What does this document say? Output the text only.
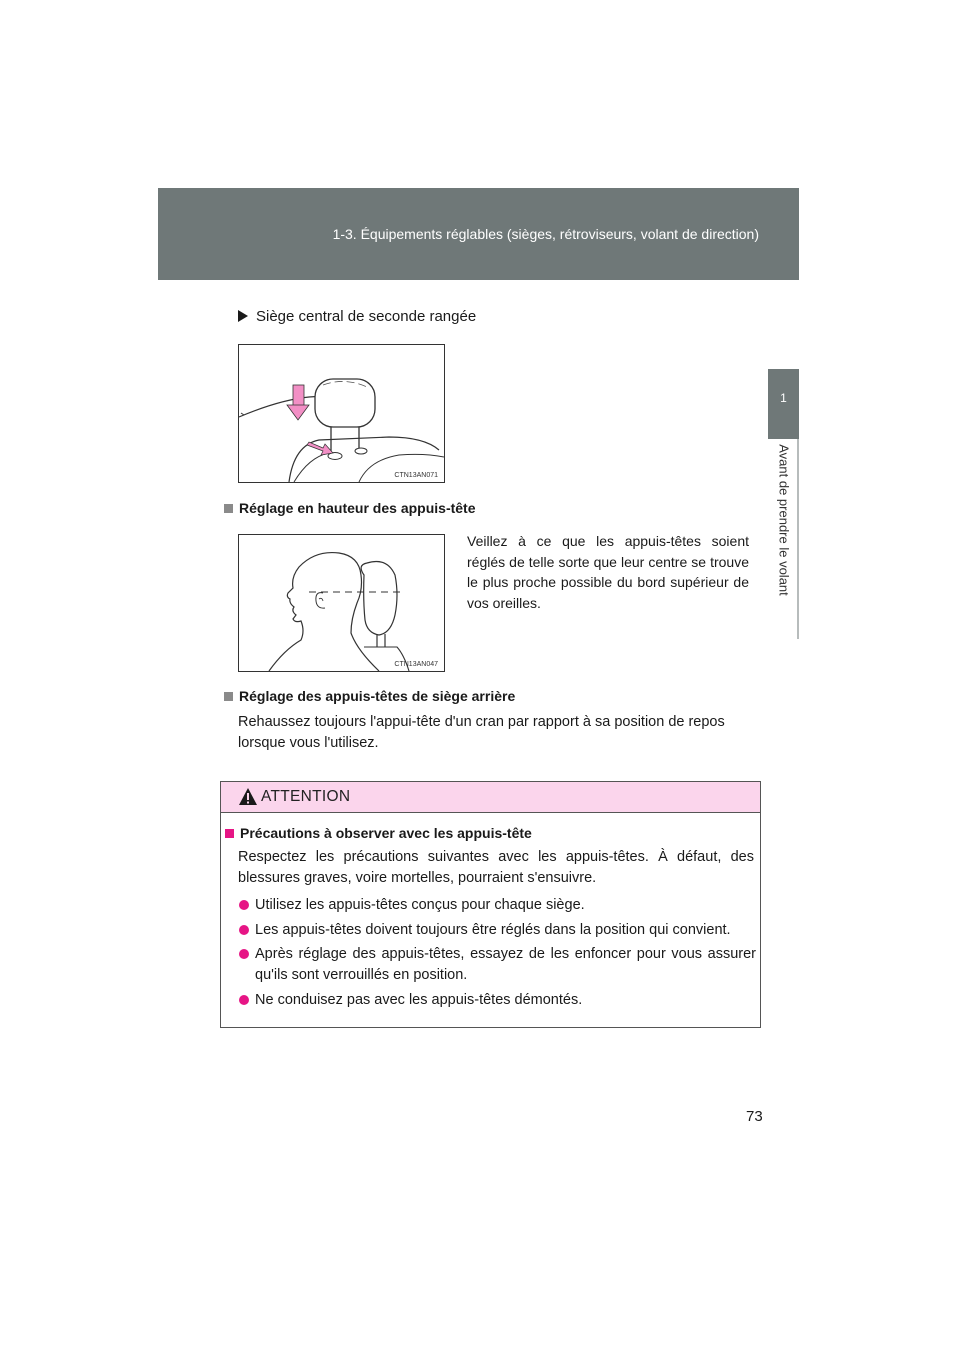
1-3. Équipements réglables (sièges, rétroviseurs, volant de direction)
1
Avant de prendre le volant
Siège central de seconde rangée
CTN13AN071
Réglage en hauteur des appuis-tête
CTN13AN047
Veillez à ce que les appuis-têtes soient réglés de telle sorte que leur centre se trouve le plus proche possible du bord supérieur de vos oreilles.
Réglage des appuis-têtes de siège arrière
Rehaussez toujours l'appui-tête d'un cran par rapport à sa position de repos lorsque vous l'utilisez.
ATTENTION
Précautions à observer avec les appuis-tête
Respectez les précautions suivantes avec les appuis-têtes. À défaut, des blessures graves, voire mortelles, pourraient s'ensuivre.
Utilisez les appuis-têtes conçus pour chaque siège.
Les appuis-têtes doivent toujours être réglés dans la position qui convient.
Après réglage des appuis-têtes, essayez de les enfoncer pour vous assurer qu'ils sont verrouillés en position.
Ne conduisez pas avec les appuis-têtes démontés.
73
